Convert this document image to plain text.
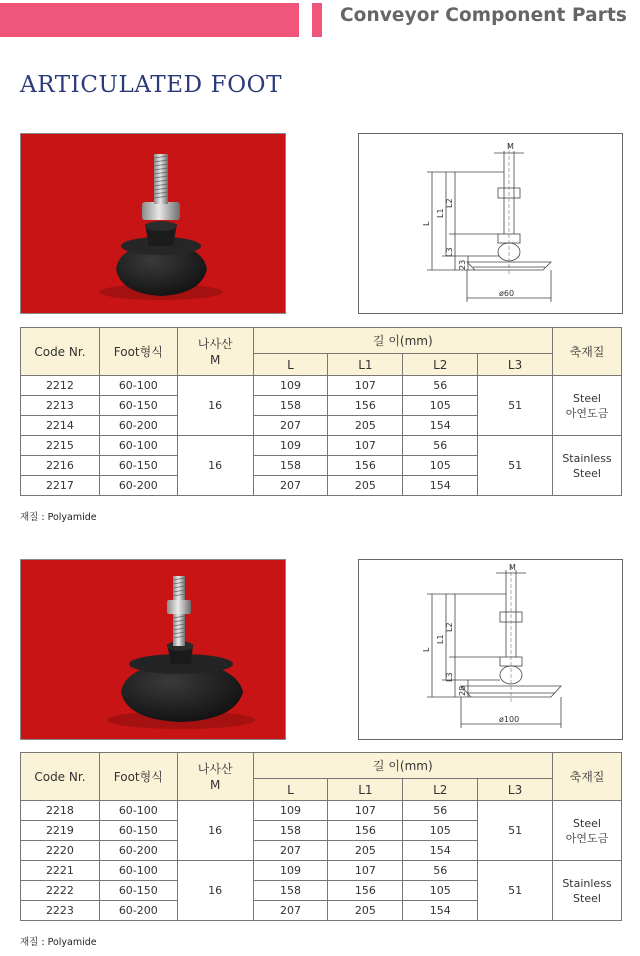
Conveyor Component Parts
ARTICULATED FOOT
M
L
L1
L2
L3
23
ø60
Code Nr.	Foot형식	나사산
M	길 이(mm)				축재질
			L	L1	L2	L3	
2212	60-100	16	109	107	56	51	Steel
아연도금
2213	60-150		158	156	105		
2214	60-200		207	205	154		
2215	60-100	16	109	107	56	51	Stainless
Steel
2216	60-150		158	156	105		
2217	60-200		207	205	154		
재질 : Polyamide
M
L
L1
L2
L3
28
ø100
Code Nr.	Foot형식	나사산
M	길 이(mm)				축재질
			L	L1	L2	L3	
2218	60-100	16	109	107	56	51	Steel
아연도금
2219	60-150		158	156	105		
2220	60-200		207	205	154		
2221	60-100	16	109	107	56	51	Stainless
Steel
2222	60-150		158	156	105		
2223	60-200		207	205	154		
재질 : Polyamide
